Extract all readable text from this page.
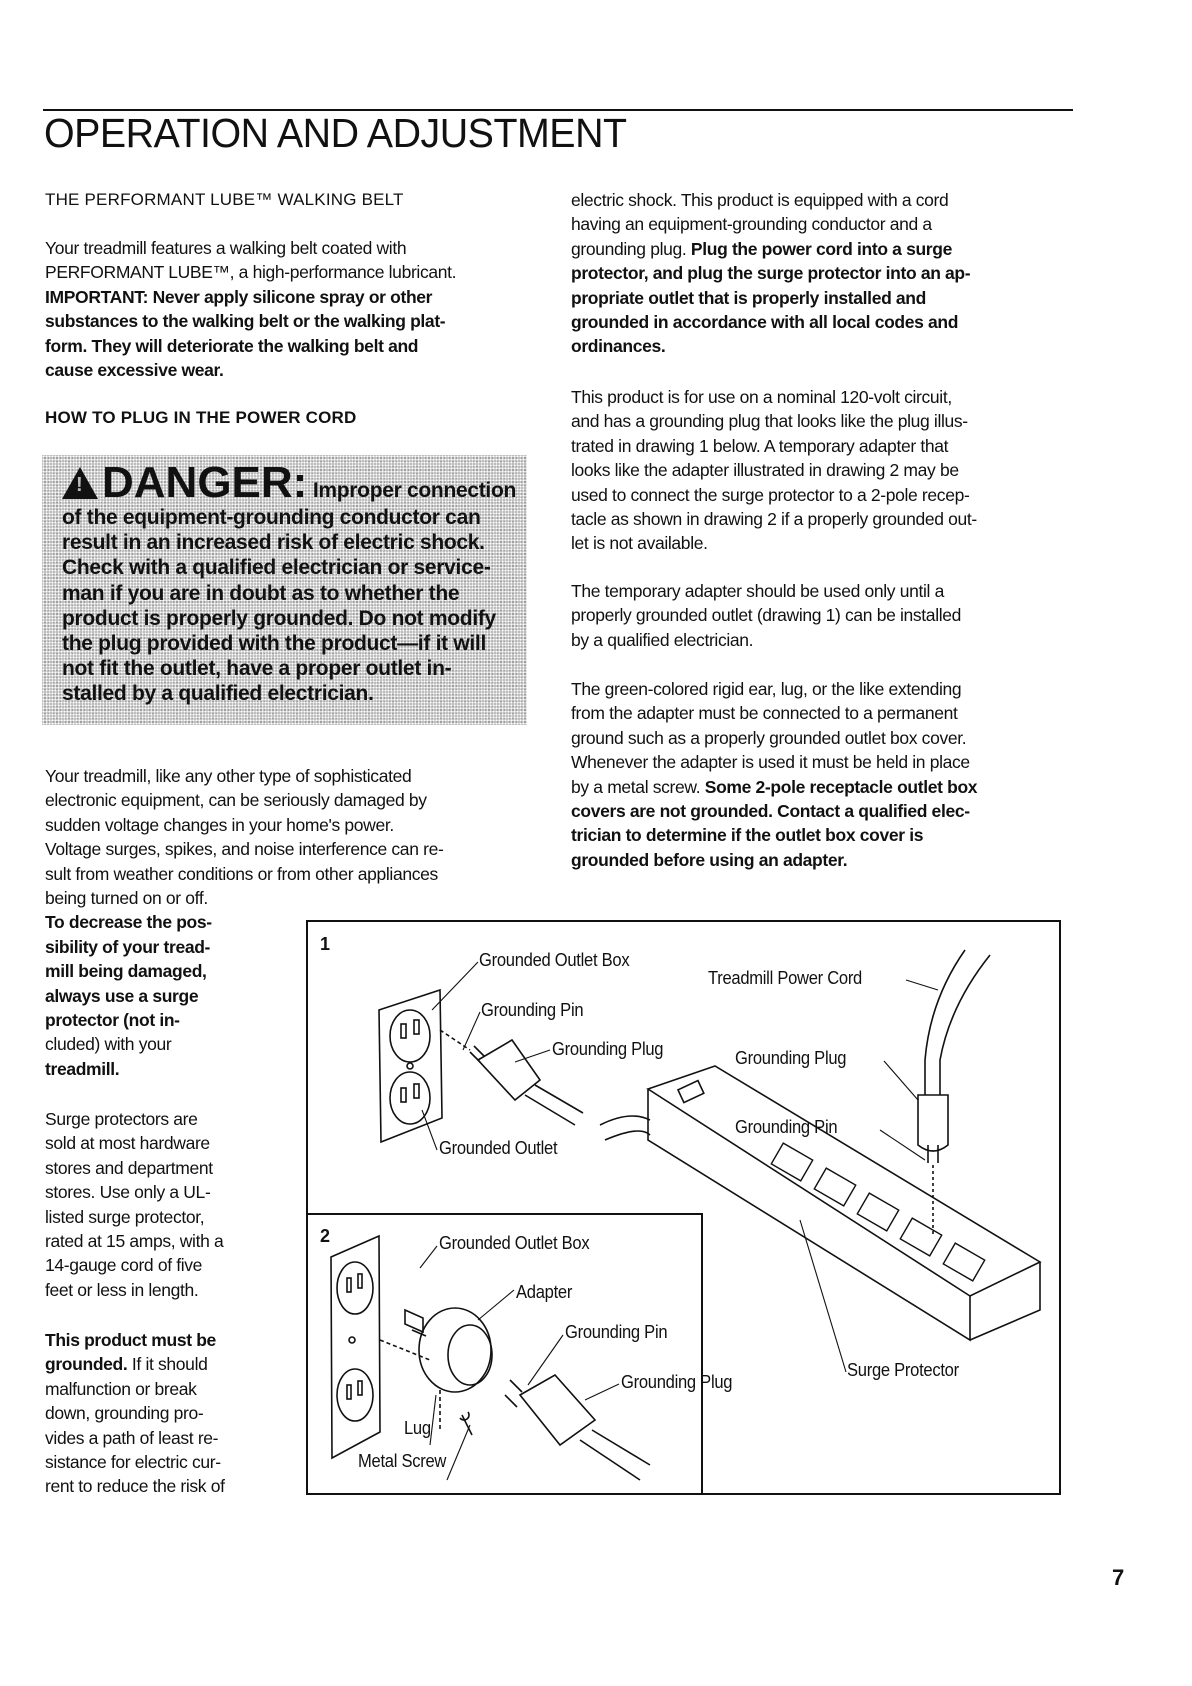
OPERATION AND ADJUSTMENT
THE PERFORMANT LUBE™ WALKING BELT
Your treadmill features a walking belt coated with
PERFORMANT LUBE™, a high-performance lubricant.
IMPORTANT: Never apply silicone spray or other
substances to the walking belt or the walking plat-
form. They will deteriorate the walking belt and
cause excessive wear.
HOW TO PLUG IN THE POWER CORD
!DANGER: Improper connection
of the equipment-grounding conductor can
result in an increased risk of electric shock.
Check with a qualified electrician or service-
man if you are in doubt as to whether the
product is properly grounded. Do not modify
the plug provided with the product—if it will
not fit the outlet, have a proper outlet in-
stalled by a qualified electrician.
Your treadmill, like any other type of sophisticated
electronic equipment, can be seriously damaged by
sudden voltage changes in your home's power.
Voltage surges, spikes, and noise interference can re-
sult from weather conditions or from other appliances
being turned on or off.
To decrease the pos-
sibility of your tread-
mill being damaged,
always use a surge
protector (not in-
cluded) with your
treadmill.
Surge protectors are
sold at most hardware
stores and department
stores. Use only a UL-
listed surge protector,
rated at 15 amps, with a
14-gauge cord of five
feet or less in length.
This product must be
grounded. If it should
malfunction or break
down, grounding pro-
vides a path of least re-
sistance for electric cur-
rent to reduce the risk of
electric shock. This product is equipped with a cord
having an equipment-grounding conductor and a
grounding plug. Plug the power cord into a surge
protector, and plug the surge protector into an ap-
propriate outlet that is properly installed and
grounded in accordance with all local codes and
ordinances.
This product is for use on a nominal 120-volt circuit,
and has a grounding plug that looks like the plug illus-
trated in drawing 1 below. A temporary adapter that
looks like the adapter illustrated in drawing 2 may be
used to connect the surge protector to a 2-pole recep-
tacle as shown in drawing 2 if a properly grounded out-
let is not available.
The temporary adapter should be used only until a
properly grounded outlet (drawing 1) can be installed
by a qualified electrician.
The green-colored rigid ear, lug, or the like extending
from the adapter must be connected to a permanent
ground such as a properly grounded outlet box cover.
Whenever the adapter is used it must be held in place
by a metal screw. Some 2-pole receptacle outlet box
covers are not grounded. Contact a qualified elec-
trician to determine if the outlet box cover is
grounded before using an adapter.
1
Grounded Outlet Box
Treadmill Power Cord
Grounding Pin
Grounding Plug	Grounding Plug
Grounding Pin
Grounded Outlet
Surge Protector
2	Grounded Outlet Box
Adapter
Grounding Pin
Grounding Plug
Lug
Metal Screw
7
